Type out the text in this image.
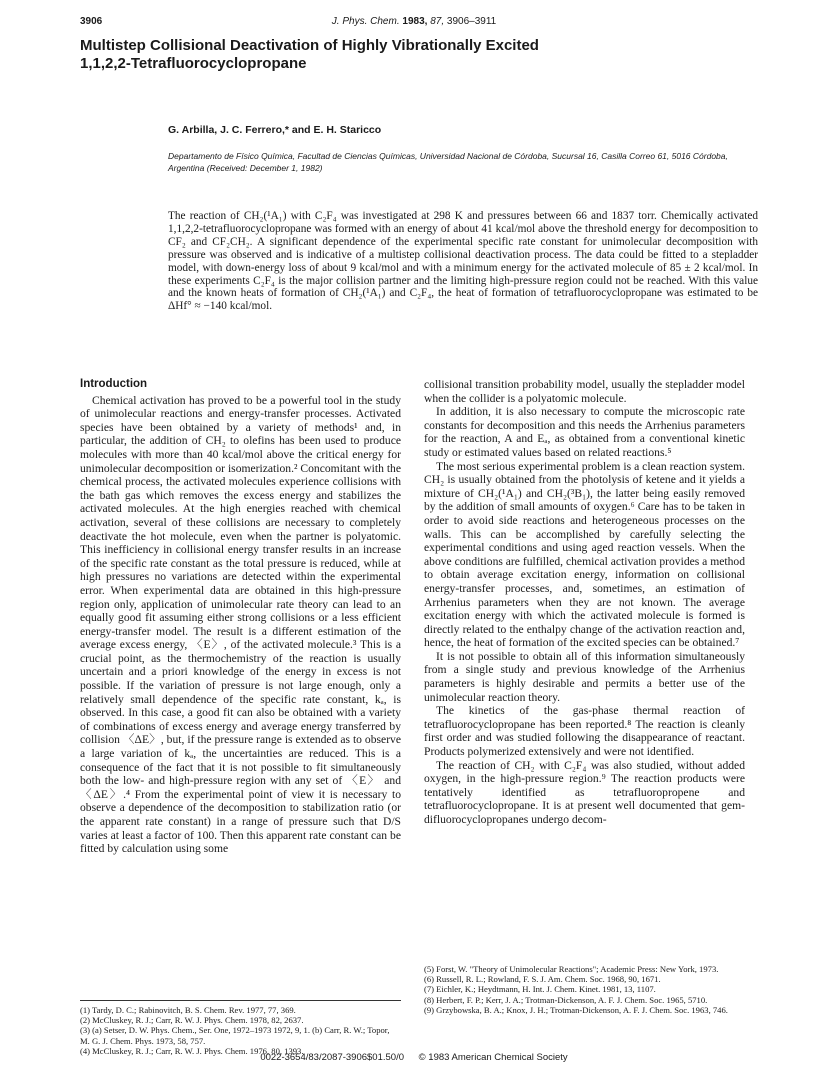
3906	J. Phys. Chem. 1983, 87, 3906–3911
Multistep Collisional Deactivation of Highly Vibrationally Excited
1,1,2,2-Tetrafluorocyclopropane
G. Arbilla, J. C. Ferrero,* and E. H. Staricco
Departamento de Físico Química, Facultad de Ciencias Químicas, Universidad Nacional de Córdoba, Sucursal 16, Casilla Correo 61, 5016 Córdoba, Argentina (Received: December 1, 1982)
The reaction of CH₂(¹A₁) with C₂F₄ was investigated at 298 K and pressures between 66 and 1837 torr. Chemically activated 1,1,2,2-tetrafluorocyclopropane was formed with an energy of about 41 kcal/mol above the threshold energy for decomposition to CF₂ and CF₂CH₂. A significant dependence of the experimental specific rate constant for unimolecular decomposition with pressure was observed and is indicative of a multistep collisional deactivation process. The data could be fitted to a stepladder model, with down-energy loss of about 9 kcal/mol and with a minimum energy for the activated molecule of 85 ± 2 kcal/mol. In these experiments C₂F₄ is the major collision partner and the limiting high-pressure region could not be reached. With this value and the known heats of formation of CH₂(¹A₁) and C₂F₄, the heat of formation of tetrafluorocyclopropane was estimated to be ΔHf° ≈ −140 kcal/mol.

Introduction

Chemical activation has proved to be a powerful tool in the study of unimolecular reactions and energy-transfer processes. Activated species have been obtained by a variety of methods¹ and, in particular, the addition of CH₂ to olefins has been used to produce molecules with more than 40 kcal/mol above the critical energy for unimolecular decomposition or isomerization.² Concomitant with the chemical process, the activated molecules experience collisions with the bath gas which removes the excess energy and stabilizes the activated molecules. At the high energies reached with chemical activation, several of these collisions are necessary to completely deactivate the hot molecule, even when the partner is polyatomic. This inefficiency in collisional energy transfer results in an increase of the specific rate constant as the total pressure is reduced, while at high pressures no variations are detected within the experimental error. When experimental data are obtained in this high-pressure region only, application of unimolecular rate theory can lead to an equally good fit assuming either strong collisions or a less efficient energy-transfer model. The result is a different estimation of the average excess energy, 〈E〉, of the activated molecule.³ This is a crucial point, as the thermochemistry of the reaction is usually uncertain and a priori knowledge of the energy in excess is not possible. If the variation of pressure is not large enough, only a relatively small dependence of the specific rate constant, kₐ, is observed. In this case, a good fit can also be obtained with a variety of combinations of excess energy and average energy transferred by collision 〈ΔE〉, but, if the pressure range is extended as to observe a large variation of kₐ, the uncertainties are reduced. This is a consequence of the fact that it is not possible to fit simultaneously both the low- and high-pressure region with any set of 〈E〉 and 〈ΔE〉.⁴ From the experimental point of view it is necessary to observe a dependence of the decomposition to stabilization ratio (or the apparent rate constant) in a range of pressure such that D/S varies at least a factor of 100. Then this apparent rate constant can be fitted by calculation using some

collisional transition probability model, usually the stepladder model when the collider is a polyatomic molecule.

In addition, it is also necessary to compute the microscopic rate constants for decomposition and this needs the Arrhenius parameters for the reaction, A and Eₐ, as obtained from a conventional kinetic study or estimated values based on related reactions.⁵

The most serious experimental problem is a clean reaction system. CH₂ is usually obtained from the photolysis of ketene and it yields a mixture of CH₂(¹A₁) and CH₂(³B₁), the latter being easily removed by the addition of small amounts of oxygen.⁶ Care has to be taken in order to avoid side reactions and heterogeneous processes on the walls. This can be accomplished by carefully selecting the experimental conditions and using aged reaction vessels. When the above conditions are fulfilled, chemical activation provides a method to obtain average excitation energy, information on collisional energy-transfer processes, and, sometimes, an estimation of Arrhenius parameters when they are not known. The average excitation energy with which the activated molecule is formed is directly related to the enthalpy change of the activation reaction and, hence, the heat of formation of the excited species can be obtained.⁷

It is not possible to obtain all of this information simultaneously from a single study and previous knowledge of the Arrhenius parameters is highly desirable and permits a better use of the unimolecular reaction theory.

The kinetics of the gas-phase thermal reaction of tetrafluorocyclopropane has been reported.⁸ The reaction is cleanly first order and was studied following the disappearance of reactant. Products polymerized extensively and were not identified.

The reaction of CH₂ with C₂F₄ was also studied, without added oxygen, in the high-pressure region.⁹ The reaction products were tentatively identified as tetrafluoropropene and tetrafluorocyclopropane. It is at present well documented that gem-difluorocyclopropanes undergo decom-

(1) Tardy, D. C.; Rabinovitch, B. S. Chem. Rev. 1977, 77, 369.

(2) McCluskey, R. J.; Carr, R. W. J. Phys. Chem. 1978, 82, 2637.

(3) (a) Setser, D. W. Phys. Chem., Ser. One, 1972–1973 1972, 9, 1. (b) Carr, R. W.; Topor, M. G. J. Chem. Phys. 1973, 58, 757.

(4) McCluskey, R. J.; Carr, R. W. J. Phys. Chem. 1976, 80, 1393.

(5) Forst, W. "Theory of Unimolecular Reactions"; Academic Press: New York, 1973.

(6) Russell, R. L.; Rowland, F. S. J. Am. Chem. Soc. 1968, 90, 1671.

(7) Eichler, K.; Heydtmann, H. Int. J. Chem. Kinet. 1981, 13, 1107.

(8) Herbert, F. P.; Kerr, J. A.; Trotman-Dickenson, A. F. J. Chem. Soc. 1965, 5710.

(9) Grzybowska, B. A.; Knox, J. H.; Trotman-Dickenson, A. F. J. Chem. Soc. 1963, 746.

0022-3654/83/2087-3906$01.50/0 © 1983 American Chemical Society
